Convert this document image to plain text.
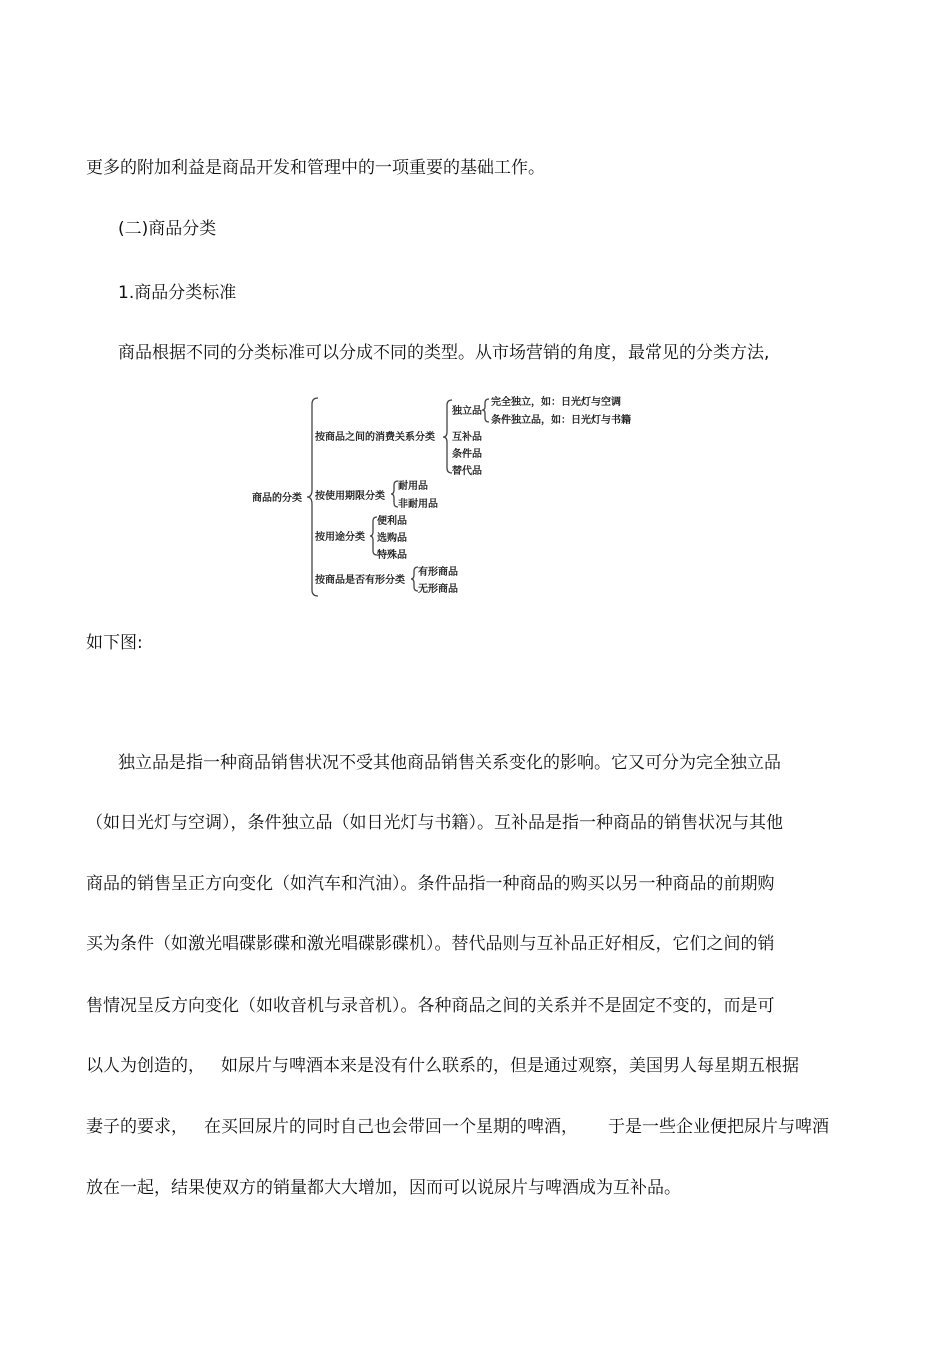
更多的附加利益是商品开发和管理中的一项重要的基础工作。
(二)商品分类
1.商品分类标准
商品根据不同的分类标准可以分成不同的类型。从市场营销的角度，最常见的分类方法,
商品的分类
按商品之间的消费关系分类
独立品
完全独立，如：日光灯与空调
条件独立品，如：日光灯与书籍
互补品
条件品
替代品
按使用期限分类
耐用品
非耐用品
按用途分类
便利品
选购品
特殊品
按商品是否有形分类
有形商品
无形商品
如下图:
独立品是指一种商品销售状况不受其他商品销售关系变化的影响。它又可分为完全独立品
（如日光灯与空调），条件独立品（如日光灯与书籍）。互补品是指一种商品的销售状况与其他
商品的销售呈正方向变化（如汽车和汽油）。条件品指一种商品的购买以另一种商品的前期购
买为条件（如激光唱碟影碟和激光唱碟影碟机）。替代品则与互补品正好相反，它们之间的销
售情况呈反方向变化（如收音机与录音机）。各种商品之间的关系并不是固定不变的，而是可
以人为创造的， 如尿片与啤酒本来是没有什么联系的，但是通过观察，美国男人每星期五根据
妻子的要求， 在买回尿片的同时自己也会带回一个星期的啤酒， 于是一些企业便把尿片与啤酒
放在一起，结果使双方的销量都大大增加，因而可以说尿片与啤酒成为互补品。
